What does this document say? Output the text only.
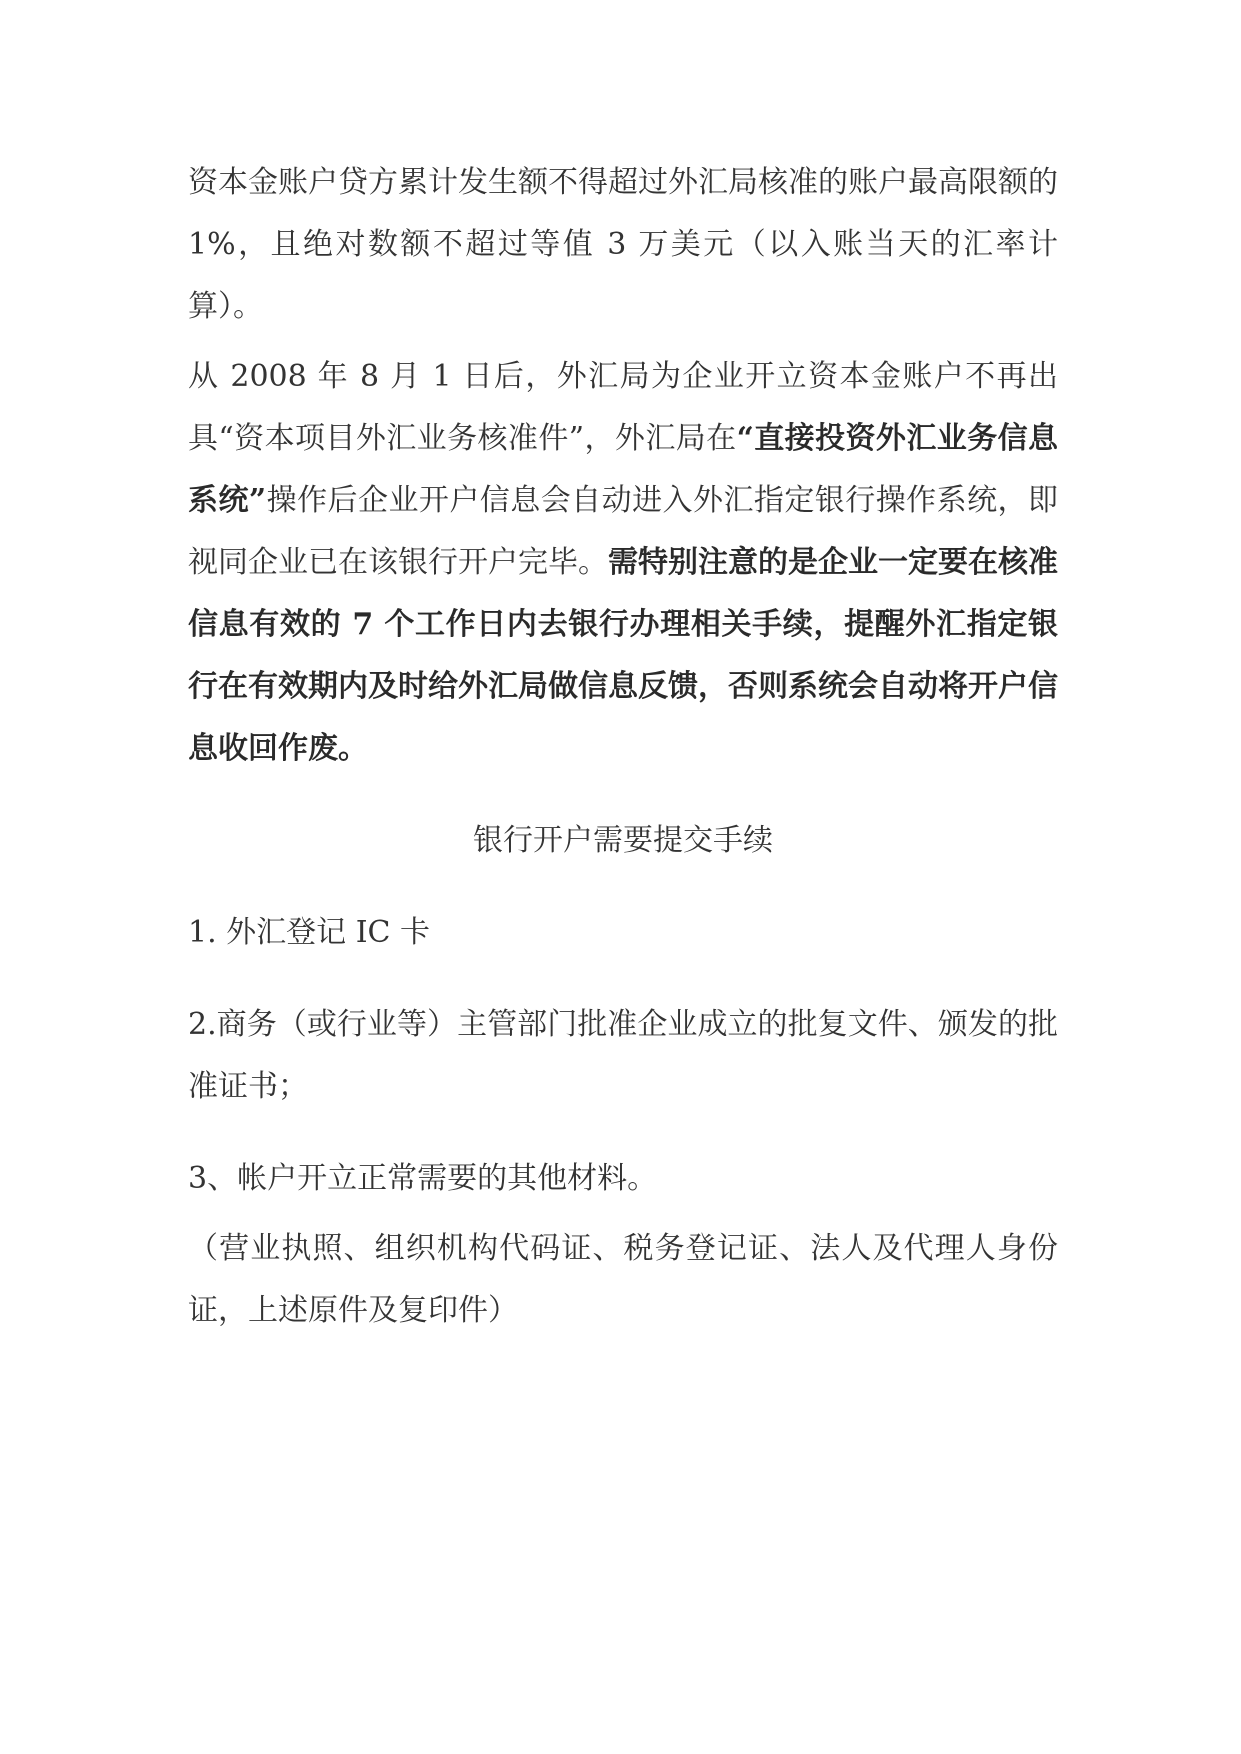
资本金账户贷方累计发生额不得超过外汇局核准的账户最高限额的 1%，且绝对数额不超过等值 3 万美元（以入账当天的汇率计算）。

从 2008 年 8 月 1 日后，外汇局为企业开立资本金账户不再出具“资本项目外汇业务核准件”，外汇局在“直接投资外汇业务信息系统”操作后企业开户信息会自动进入外汇指定银行操作系统，即视同企业已在该银行开户完毕。需特别注意的是企业一定要在核准信息有效的 7 个工作日内去银行办理相关手续，提醒外汇指定银行在有效期内及时给外汇局做信息反馈，否则系统会自动将开户信息收回作废。

银行开户需要提交手续

1. 外汇登记 IC 卡

2.商务（或行业等）主管部门批准企业成立的批复文件、颁发的批准证书；

3、帐户开立正常需要的其他材料。

（营业执照、组织机构代码证、税务登记证、法人及代理人身份证，上述原件及复印件）
